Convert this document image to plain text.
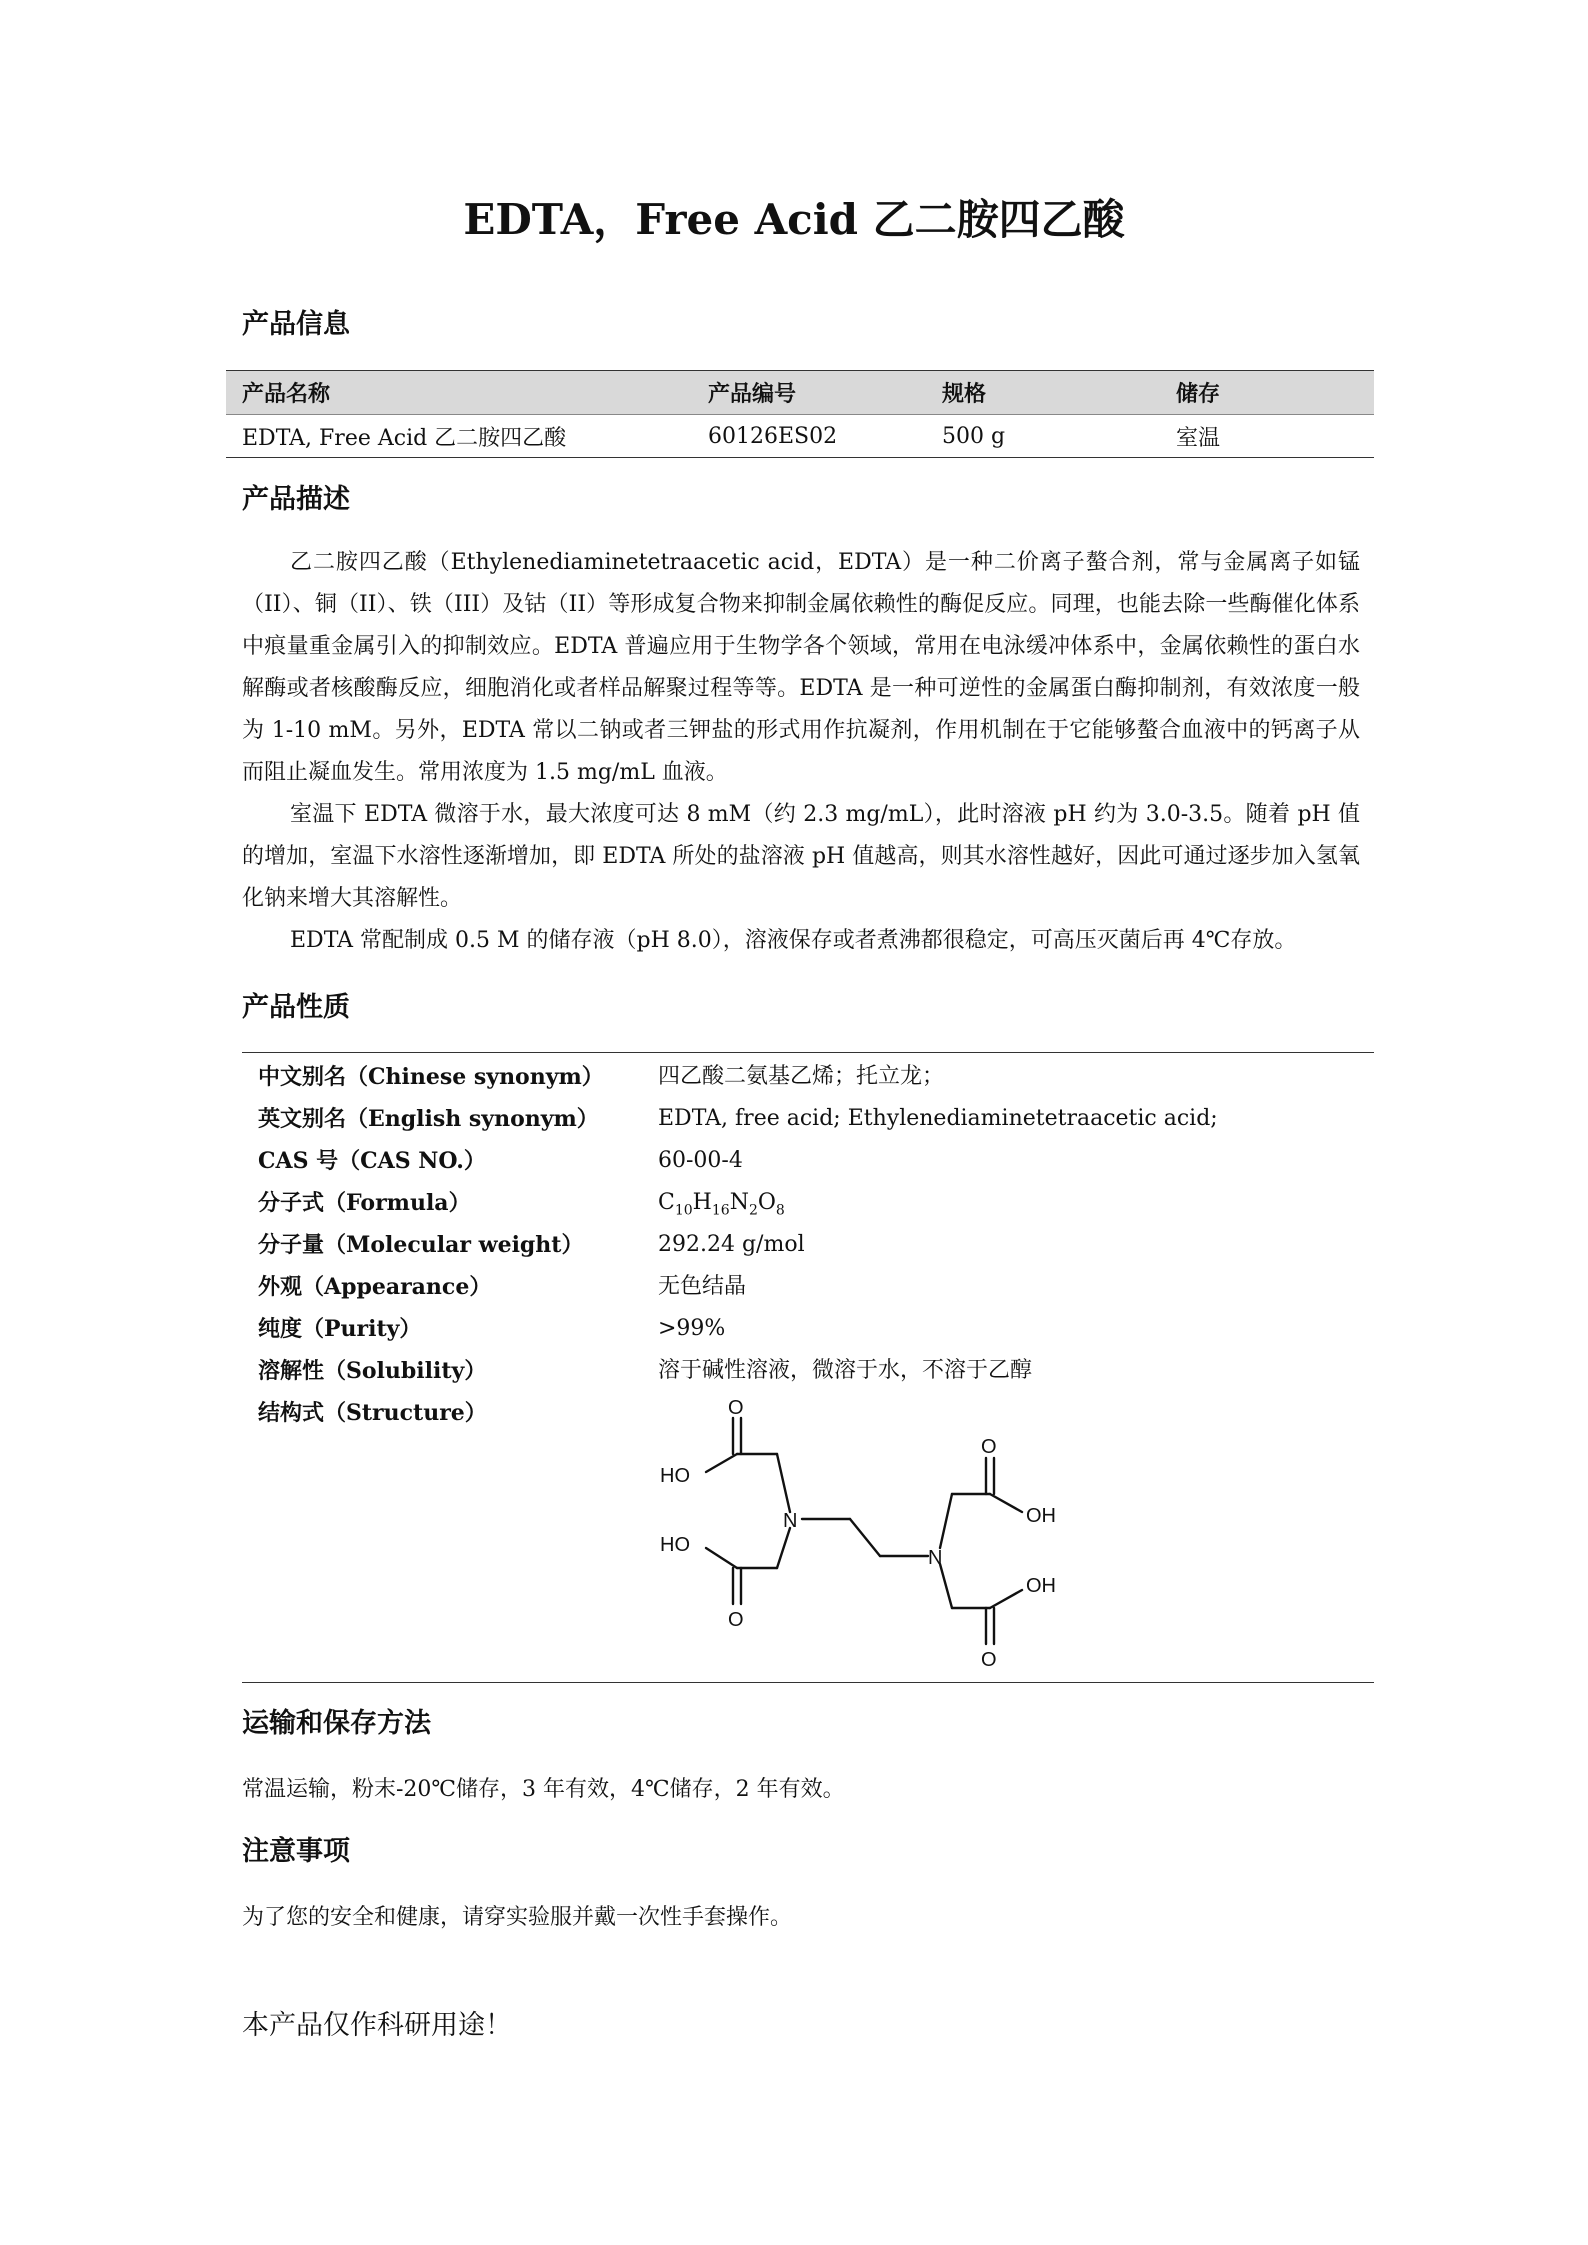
EDTA，Free Acid 乙二胺四乙酸
产品信息
产品名称	产品编号	规格	储存
EDTA, Free Acid 乙二胺四乙酸	60126ES02	500 g	室温
产品描述

乙二胺四乙酸（Ethylenediaminetetraacetic acid，EDTA）是一种二价离子螯合剂，常与金属离子如锰（II）、铜（II）、铁（III）及钴（II）等形成复合物来抑制金属依赖性的酶促反应。同理，也能去除一些酶催化体系中痕量重金属引入的抑制效应。EDTA 普遍应用于生物学各个领域，常用在电泳缓冲体系中，金属依赖性的蛋白水解酶或者核酸酶反应，细胞消化或者样品解聚过程等等。EDTA 是一种可逆性的金属蛋白酶抑制剂，有效浓度一般为 1-10 mM。另外，EDTA 常以二钠或者三钾盐的形式用作抗凝剂，作用机制在于它能够螯合血液中的钙离子从而阻止凝血发生。常用浓度为 1.5 mg/mL 血液。

室温下 EDTA 微溶于水，最大浓度可达 8 mM（约 2.3 mg/mL），此时溶液 pH 约为 3.0-3.5。随着 pH 值的增加，室温下水溶性逐渐增加，即 EDTA 所处的盐溶液 pH 值越高，则其水溶性越好，因此可通过逐步加入氢氧化钠来增大其溶解性。

EDTA 常配制成 0.5 M 的储存液（pH 8.0），溶液保存或者煮沸都很稳定，可高压灭菌后再 4℃存放。

产品性质
中文别名（Chinese synonym） 四乙酸二氨基乙烯；托立龙；
英文别名（English synonym）	EDTA, free acid; Ethylenediaminetetraacetic acid;
CAS 号（CAS NO.）	60-00-4
分子式（Formula）	$C_{10}H_{16}N_2O_8$
分子量（Molecular weight）	292.24 g/mol
外观（Appearance）	无色结晶
纯度（Purity）	>99%
溶解性（Solubility）	溶于碱性溶液，微溶于水，不溶于乙醇
结构式（Structure）	O
HO
N
HO
O
O
OH
N
OH
O
运输和保存方法

常温运输，粉末-20℃储存，3 年有效，4℃储存，2 年有效。

注意事项

为了您的安全和健康，请穿实验服并戴一次性手套操作。

本产品仅作科研用途！
